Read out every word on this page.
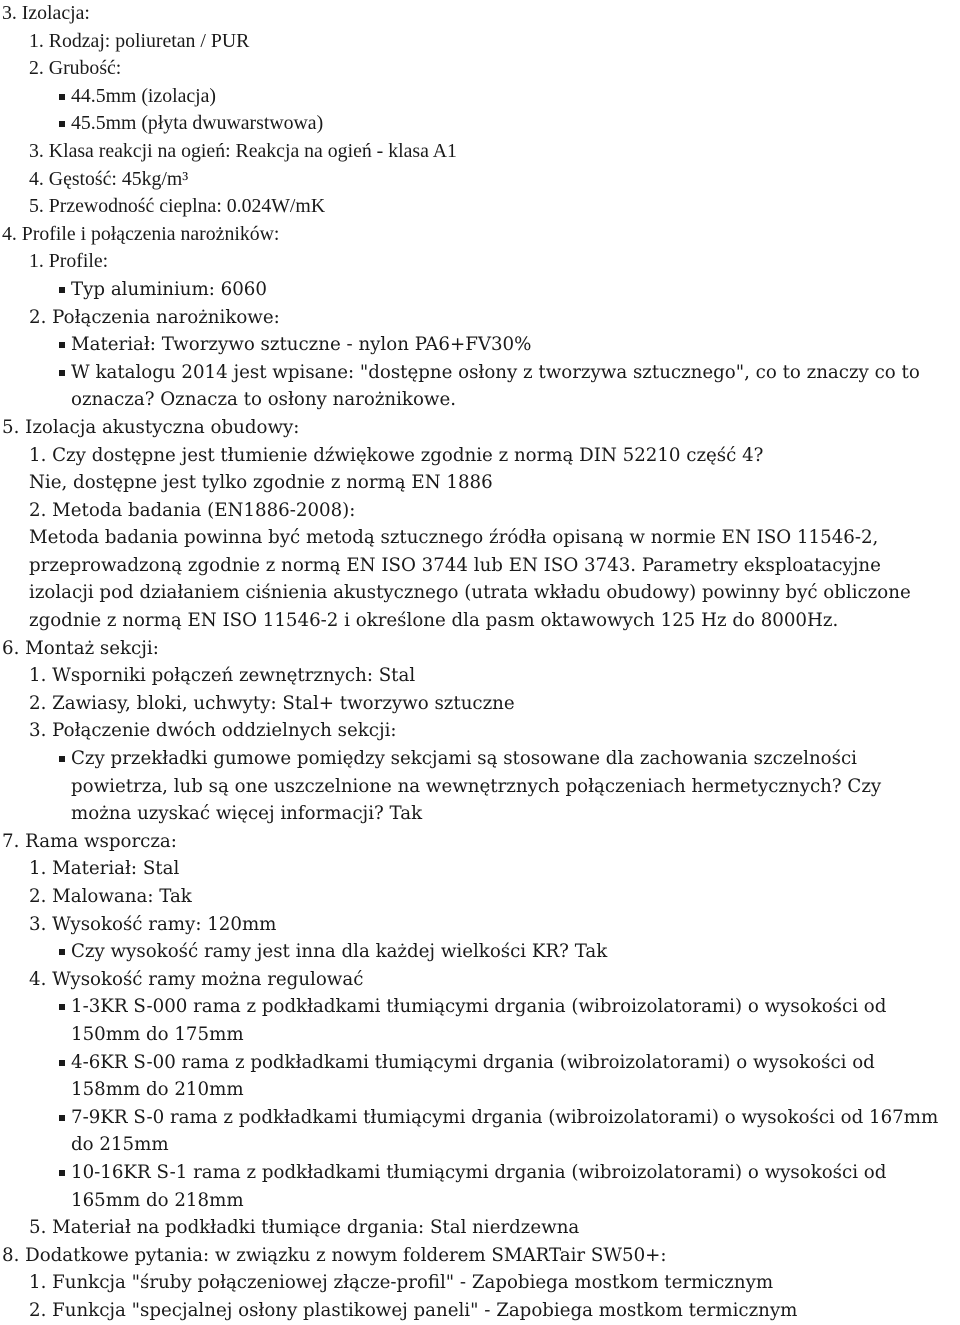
3. Izolacja:
1. Rodzaj: poliuretan / PUR
2. Grubość:
44.5mm (izolacja)
45.5mm (płyta dwuwarstwowa)
3. Klasa reakcji na ogień: Reakcja na ogień - klasa A1
4. Gęstość: 45kg/m³
5. Przewodność cieplna: 0.024W/mK
4. Profile i połączenia narożników:
1. Profile:
Typ aluminium: 6060
2. Połączenia narożnikowe:
Materiał: Tworzywo sztuczne - nylon PA6+FV30%
W katalogu 2014 jest wpisane: "dostępne osłony z tworzywa sztucznego", co to znaczy co to
oznacza? Oznacza to osłony narożnikowe.
5. Izolacja akustyczna obudowy:
1. Czy dostępne jest tłumienie dźwiękowe zgodnie z normą DIN 52210 część 4?
Nie, dostępne jest tylko zgodnie z normą EN 1886
2. Metoda badania (EN1886-2008):
Metoda badania powinna być metodą sztucznego źródła opisaną w normie EN ISO 11546-2,
przeprowadzoną zgodnie z normą EN ISO 3744 lub EN ISO 3743. Parametry eksploatacyjne
izolacji pod działaniem ciśnienia akustycznego (utrata wkładu obudowy) powinny być obliczone
zgodnie z normą EN ISO 11546-2 i określone dla pasm oktawowych 125 Hz do 8000Hz.
6. Montaż sekcji:
1. Wsporniki połączeń zewnętrznych: Stal
2. Zawiasy, bloki, uchwyty: Stal+ tworzywo sztuczne
3. Połączenie dwóch oddzielnych sekcji:
Czy przekładki gumowe pomiędzy sekcjami są stosowane dla zachowania szczelności
powietrza, lub są one uszczelnione na wewnętrznych połączeniach hermetycznych? Czy
można uzyskać więcej informacji? Tak
7. Rama wsporcza:
1. Materiał: Stal
2. Malowana: Tak
3. Wysokość ramy: 120mm
Czy wysokość ramy jest inna dla każdej wielkości KR? Tak
4. Wysokość ramy można regulować
1-3KR S-000 rama z podkładkami tłumiącymi drgania (wibroizolatorami) o wysokości od
150mm do 175mm
4-6KR S-00 rama z podkładkami tłumiącymi drgania (wibroizolatorami) o wysokości od
158mm do 210mm
7-9KR S-0 rama z podkładkami tłumiącymi drgania (wibroizolatorami) o wysokości od 167mm
do 215mm
10-16KR S-1 rama z podkładkami tłumiącymi drgania (wibroizolatorami) o wysokości od
165mm do 218mm
5. Materiał na podkładki tłumiące drgania: Stal nierdzewna
8. Dodatkowe pytania: w związku z nowym folderem SMARTair SW50+:
1. Funkcja "śruby połączeniowej złącze-profil" - Zapobiega mostkom termicznym
2. Funkcja "specjalnej osłony plastikowej paneli" - Zapobiega mostkom termicznym
